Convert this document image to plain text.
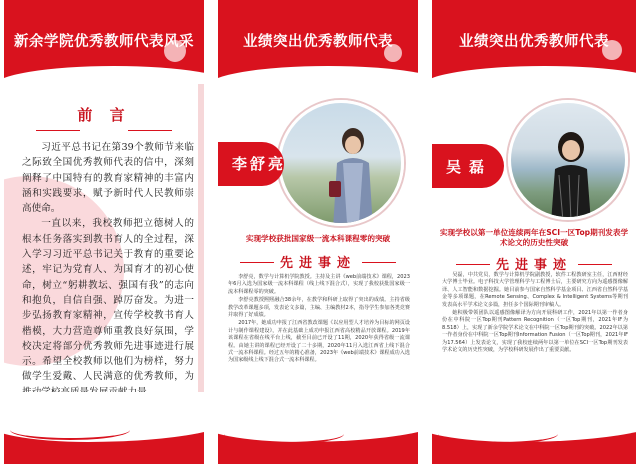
新余学院优秀教师代表风采
前 言

习近平总书记在第39个教师节来临之际致全国优秀教师代表的信中，深刻阐释了中国特有的教育家精神的丰富内涵和实践要求，赋予新时代人民教师崇高使命。

一直以来，我校教师把立德树人的根本任务落实到教书育人的全过程，深入学习习近平总书记关于教育的重要论述，牢记为党育人、为国育才的初心使命，树立“躬耕教坛、强国有我”的志向和抱负，自信自强、踔厉奋发。为进一步弘扬教育家精神，宣传学校教书育人楷模，大力营造尊师重教良好氛围，学校决定将部分优秀教师先进事迹进行展示。希望全校教师以他们为榜样，努力做学生爱戴、人民满意的优秀教师，为

业绩突出优秀教师代表
李舒亮
实现学校获批国家级一流本科课程零的突破
先进事迹

李舒亮，数学与计算机学院教授。主持及主讲《web前端技术》课程，2023年6月入选为国家级一流本科课程（线上线下混合式），实现了我校获批国家级一流本科课程零的突破。

李舒亮教授熙熙融合38余年，在教学和科研上取得了突出的成绩。主持省级教学改革课题多项，发表论文多篇，主编、主编教材2本，指导学生参加各类竞赛并取得了好成绩。

2017年，她成功申报了江西省教改课题《以应用型人才培养为目标的网页设计与制作课程建设》，并在此基础上成功申报江西省高校精品开放课程。2019年该课程在省级在线平台上线，截至目前已开设了11期，2020年获得省级一流课程。由她主讲的课程已经开设了二十多期，2020年11月入选江西省上线下混合式一流本科课程。经过五年的精心准备，2023年《web前端技术》课程成功入选为国家级线上线下混合式一流本科课程。

业绩突出优秀教师代表
吴磊
实现学校以第一单位连续两年在SCI一区Top期刊发表学术论文的历史性突破
先进事迹

吴磊，中共党员，数学与计算机学院副教授，软件工程教研室主任，江西财经大学博士毕业。电子科技大学管理科学与工程博士后，主要研究方向为遥感图像解译、人工智能和数据挖掘。她目前参与国家自然科学基金项目、江西省自然科学基金等多项课题，在Remote Sensing、Complex & Intelligent Systems等期刊发表高水平学术论文多篇，担任多个国际期刊审稿人。

她积极带领团队以遥感图像解译为方向开展科研工作，2021年以第一作者身份在中科院一区Top期刊Pattern Recognition（一区Top期刊，2021年IF为8.518）上，实现了新余学院学术论文在中科院一区Top期刊的突破。2022年以第一作者身份在中科院一区Top期刊Information Fusion（一区Top期刊，2021年IF为17.564）上发表论文，实现了我校连续两年以第一单位在SCI一区Top期刊发表学术论文的历史性突破，为学校科研发展作出了重要贡献。
